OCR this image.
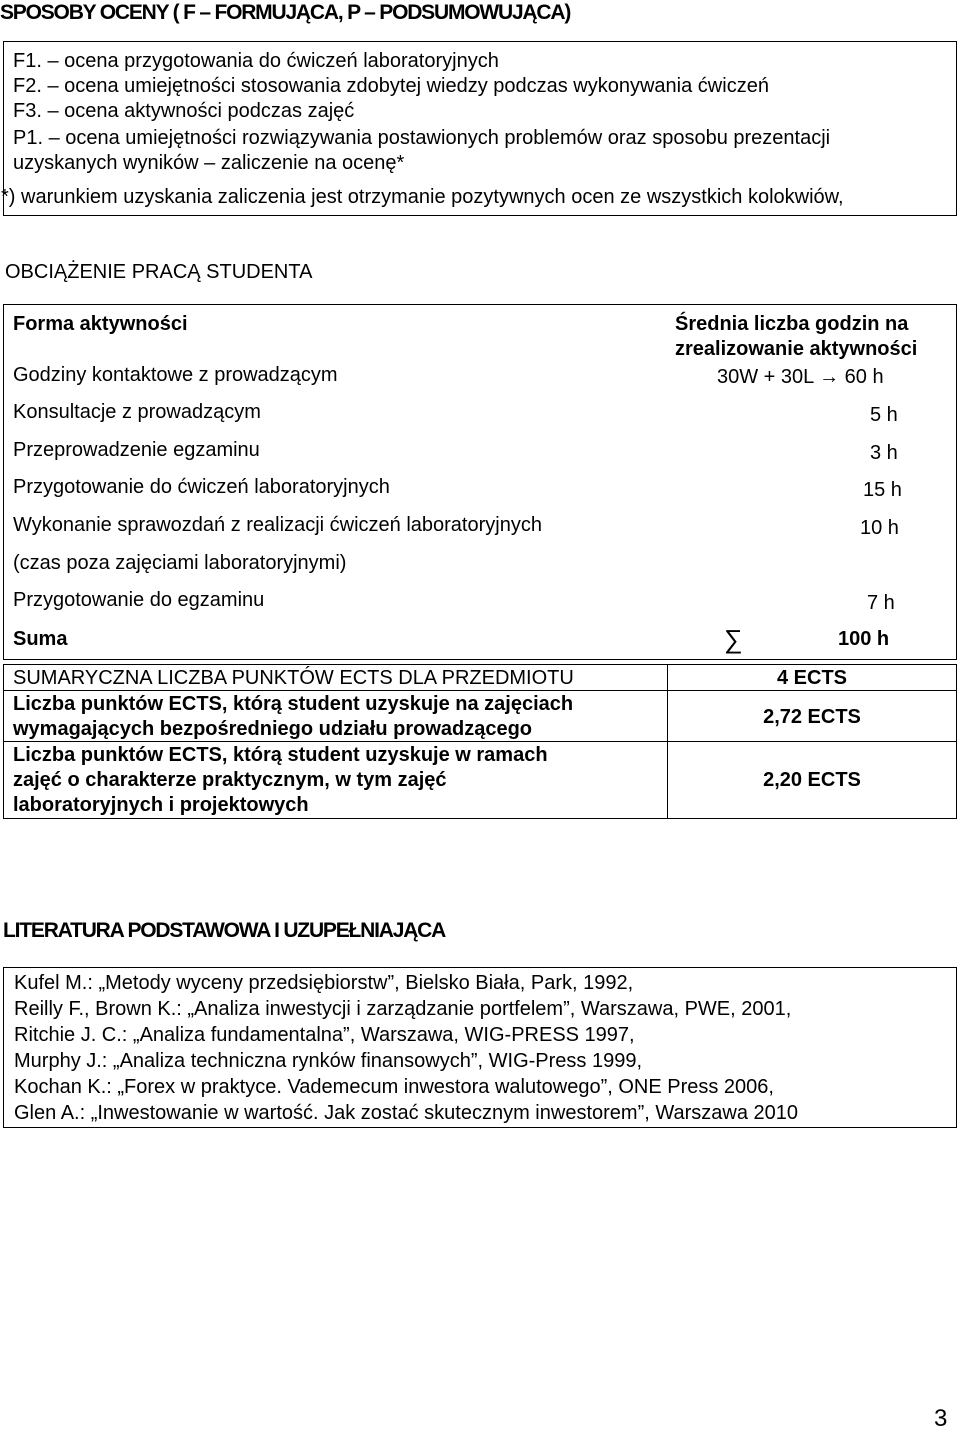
SPOSOBY OCENY ( F – FORMUJĄCA, P – PODSUMOWUJĄCA)
F1. – ocena przygotowania do ćwiczeń laboratoryjnych
F2. – ocena umiejętności stosowania zdobytej wiedzy podczas wykonywania ćwiczeń
F3. – ocena aktywności podczas zajęć
P1. – ocena umiejętności rozwiązywania postawionych problemów oraz sposobu prezentacji
uzyskanych wyników – zaliczenie na ocenę*
*) warunkiem uzyskania zaliczenia jest otrzymanie pozytywnych ocen ze wszystkich kolokwiów,
OBCIĄŻENIE PRACĄ STUDENTA
Forma aktywności	Średnia liczba godzin na
zrealizowanie aktywności
Godziny kontaktowe z prowadzącym	30W + 30L → 60 h
Konsultacje z prowadzącym	5 h
Przeprowadzenie egzaminu	3 h
Przygotowanie do ćwiczeń laboratoryjnych	15 h
Wykonanie sprawozdań z realizacji ćwiczeń laboratoryjnych	10 h
(czas poza zajęciami laboratoryjnymi)
Przygotowanie do egzaminu	7 h
Suma	∑	100 h
SUMARYCZNA LICZBA PUNKTÓW ECTS DLA PRZEDMIOTU	4 ECTS
Liczba punktów ECTS, którą student uzyskuje na zajęciach
wymagających bezpośredniego udziału prowadzącego
2,72 ECTS
Liczba punktów ECTS, którą student uzyskuje w ramach
zajęć o charakterze praktycznym, w tym zajęć
laboratoryjnych i projektowych
2,20 ECTS
LITERATURA PODSTAWOWA I UZUPEŁNIAJĄCA
Kufel M.: „Metody wyceny przedsiębiorstw”, Bielsko Biała, Park, 1992,
Reilly F., Brown K.: „Analiza inwestycji i zarządzanie portfelem”, Warszawa, PWE, 2001,
Ritchie J. C.: „Analiza fundamentalna”, Warszawa, WIG-PRESS 1997,
Murphy J.: „Analiza techniczna rynków finansowych”, WIG-Press 1999,
Kochan K.: „Forex w praktyce. Vademecum inwestora walutowego”, ONE Press 2006,
Glen A.: „Inwestowanie w wartość. Jak zostać skutecznym inwestorem”, Warszawa 2010
3
